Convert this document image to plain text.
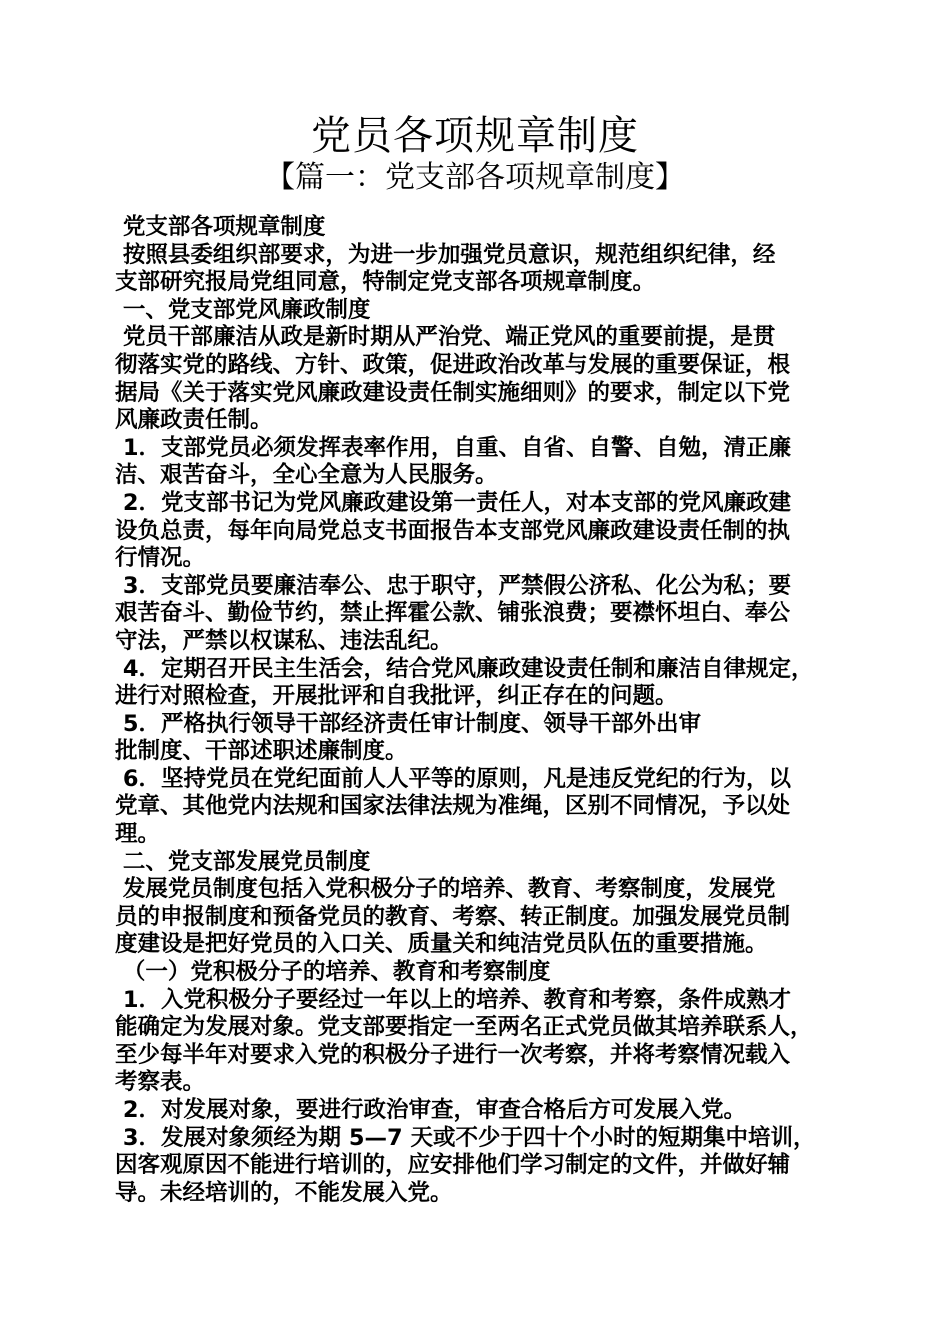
党员各项规章制度
【篇一：党支部各项规章制度】
党支部各项规章制度
按照县委组织部要求，为进一步加强党员意识，规范组织纪律，经
支部研究报局党组同意，特制定党支部各项规章制度。
一、党支部党风廉政制度
党员干部廉洁从政是新时期从严治党、端正党风的重要前提，是贯
彻落实党的路线、方针、政策，促进政治改革与发展的重要保证，根
据局《关于落实党风廉政建设责任制实施细则》的要求，制定以下党
风廉政责任制。
1．支部党员必须发挥表率作用，自重、自省、自警、自勉，清正廉
洁、艰苦奋斗，全心全意为人民服务。
2．党支部书记为党风廉政建设第一责任人，对本支部的党风廉政建
设负总责，每年向局党总支书面报告本支部党风廉政建设责任制的执
行情况。
3．支部党员要廉洁奉公、忠于职守，严禁假公济私、化公为私；要
艰苦奋斗、勤俭节约，禁止挥霍公款、铺张浪费；要襟怀坦白、奉公
守法，严禁以权谋私、违法乱纪。
4．定期召开民主生活会，结合党风廉政建设责任制和廉洁自律规定，
进行对照检查，开展批评和自我批评，纠正存在的问题。
5．严格执行领导干部经济责任审计制度、领导干部外出审
批制度、干部述职述廉制度。
6．坚持党员在党纪面前人人平等的原则，凡是违反党纪的行为，以
党章、其他党内法规和国家法律法规为准绳，区别不同情况，予以处
理。
二、党支部发展党员制度
发展党员制度包括入党积极分子的培养、教育、考察制度，发展党
员的申报制度和预备党员的教育、考察、转正制度。加强发展党员制
度建设是把好党员的入口关、质量关和纯洁党员队伍的重要措施。
（一）党积极分子的培养、教育和考察制度
1．入党积极分子要经过一年以上的培养、教育和考察，条件成熟才
能确定为发展对象。党支部要指定一至两名正式党员做其培养联系人，
至少每半年对要求入党的积极分子进行一次考察，并将考察情况载入
考察表。
2．对发展对象，要进行政治审查，审查合格后方可发展入党。
3．发展对象须经为期 5—7 天或不少于四十个小时的短期集中培训，
因客观原因不能进行培训的，应安排他们学习制定的文件，并做好辅
导。未经培训的，不能发展入党。
